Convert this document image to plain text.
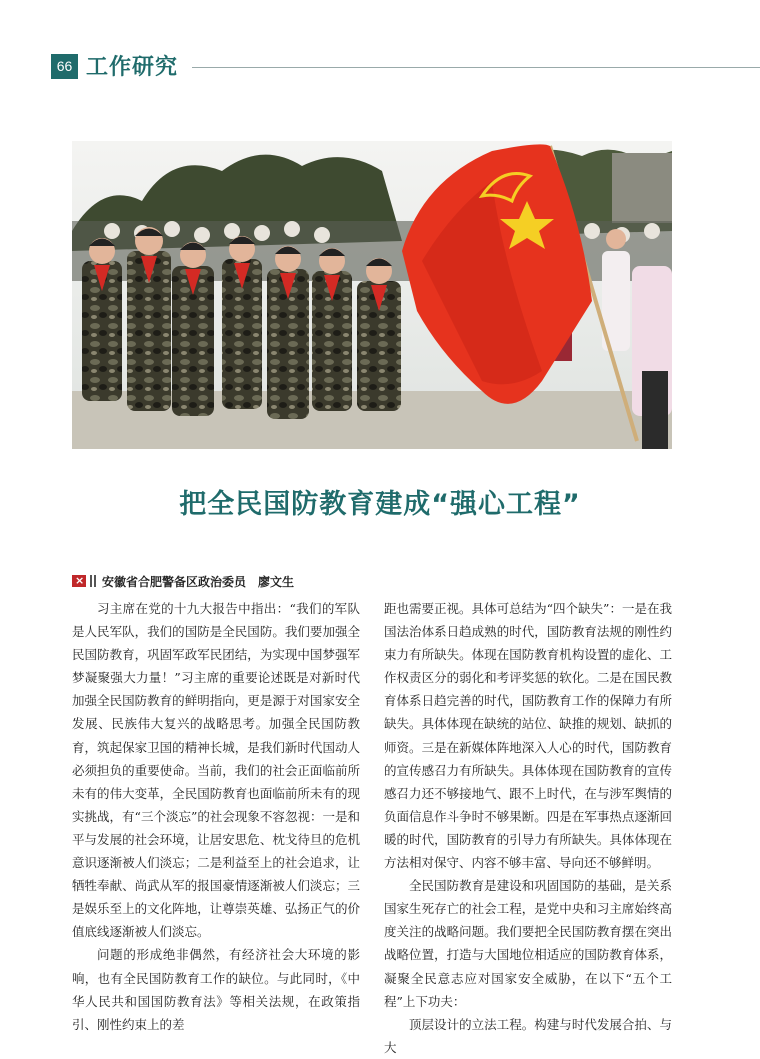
66 工作研究
把全民国防教育建成“强心工程”
×安徽省合肥警备区政治委员 廖文生

习主席在党的十九大报告中指出：“我们的军队是人民军队，我们的国防是全民国防。我们要加强全民国防教育，巩固军政军民团结，为实现中国梦强军梦凝聚强大力量！”习主席的重要论述既是对新时代加强全民国防教育的鲜明指向，更是源于对国家安全发展、民族伟大复兴的战略思考。加强全民国防教育，筑起保家卫国的精神长城，是我们新时代国动人必须担负的重要使命。当前，我们的社会正面临前所未有的伟大变革，全民国防教育也面临前所未有的现实挑战，有“三个淡忘”的社会现象不容忽视：一是和平与发展的社会环境，让居安思危、枕戈待旦的危机意识逐渐被人们淡忘；二是利益至上的社会追求，让牺牲奉献、尚武从军的报国豪情逐渐被人们淡忘；三是娱乐至上的文化阵地，让尊崇英雄、弘扬正气的价值底线逐渐被人们淡忘。

问题的形成绝非偶然，有经济社会大环境的影响，也有全民国防教育工作的缺位。与此同时，《中华人民共和国国防教育法》等相关法规，在政策指引、刚性约束上的差

距也需要正视。具体可总结为“四个缺失”：一是在我国法治体系日趋成熟的时代，国防教育法规的刚性约束力有所缺失。体现在国防教育机构设置的虚化、工作权责区分的弱化和考评奖惩的软化。二是在国民教育体系日趋完善的时代，国防教育工作的保障力有所缺失。具体体现在缺统的站位、缺推的规划、缺抓的师资。三是在新媒体阵地深入人心的时代，国防教育的宣传感召力有所缺失。具体体现在国防教育的宣传感召力还不够接地气、跟不上时代，在与涉军舆情的负面信息作斗争时不够果断。四是在军事热点逐渐回暖的时代，国防教育的引导力有所缺失。具体体现在方法相对保守、内容不够丰富、导向还不够鲜明。

全民国防教育是建设和巩固国防的基础，是关系国家生死存亡的社会工程，是党中央和习主席始终高度关注的战略问题。我们要把全民国防教育摆在突出战略位置，打造与大国地位相适应的国防教育体系，凝聚全民意志应对国家安全威胁，在以下“五个工程”上下功夫：

顶层设计的立法工程。构建与时代发展合拍、与大
